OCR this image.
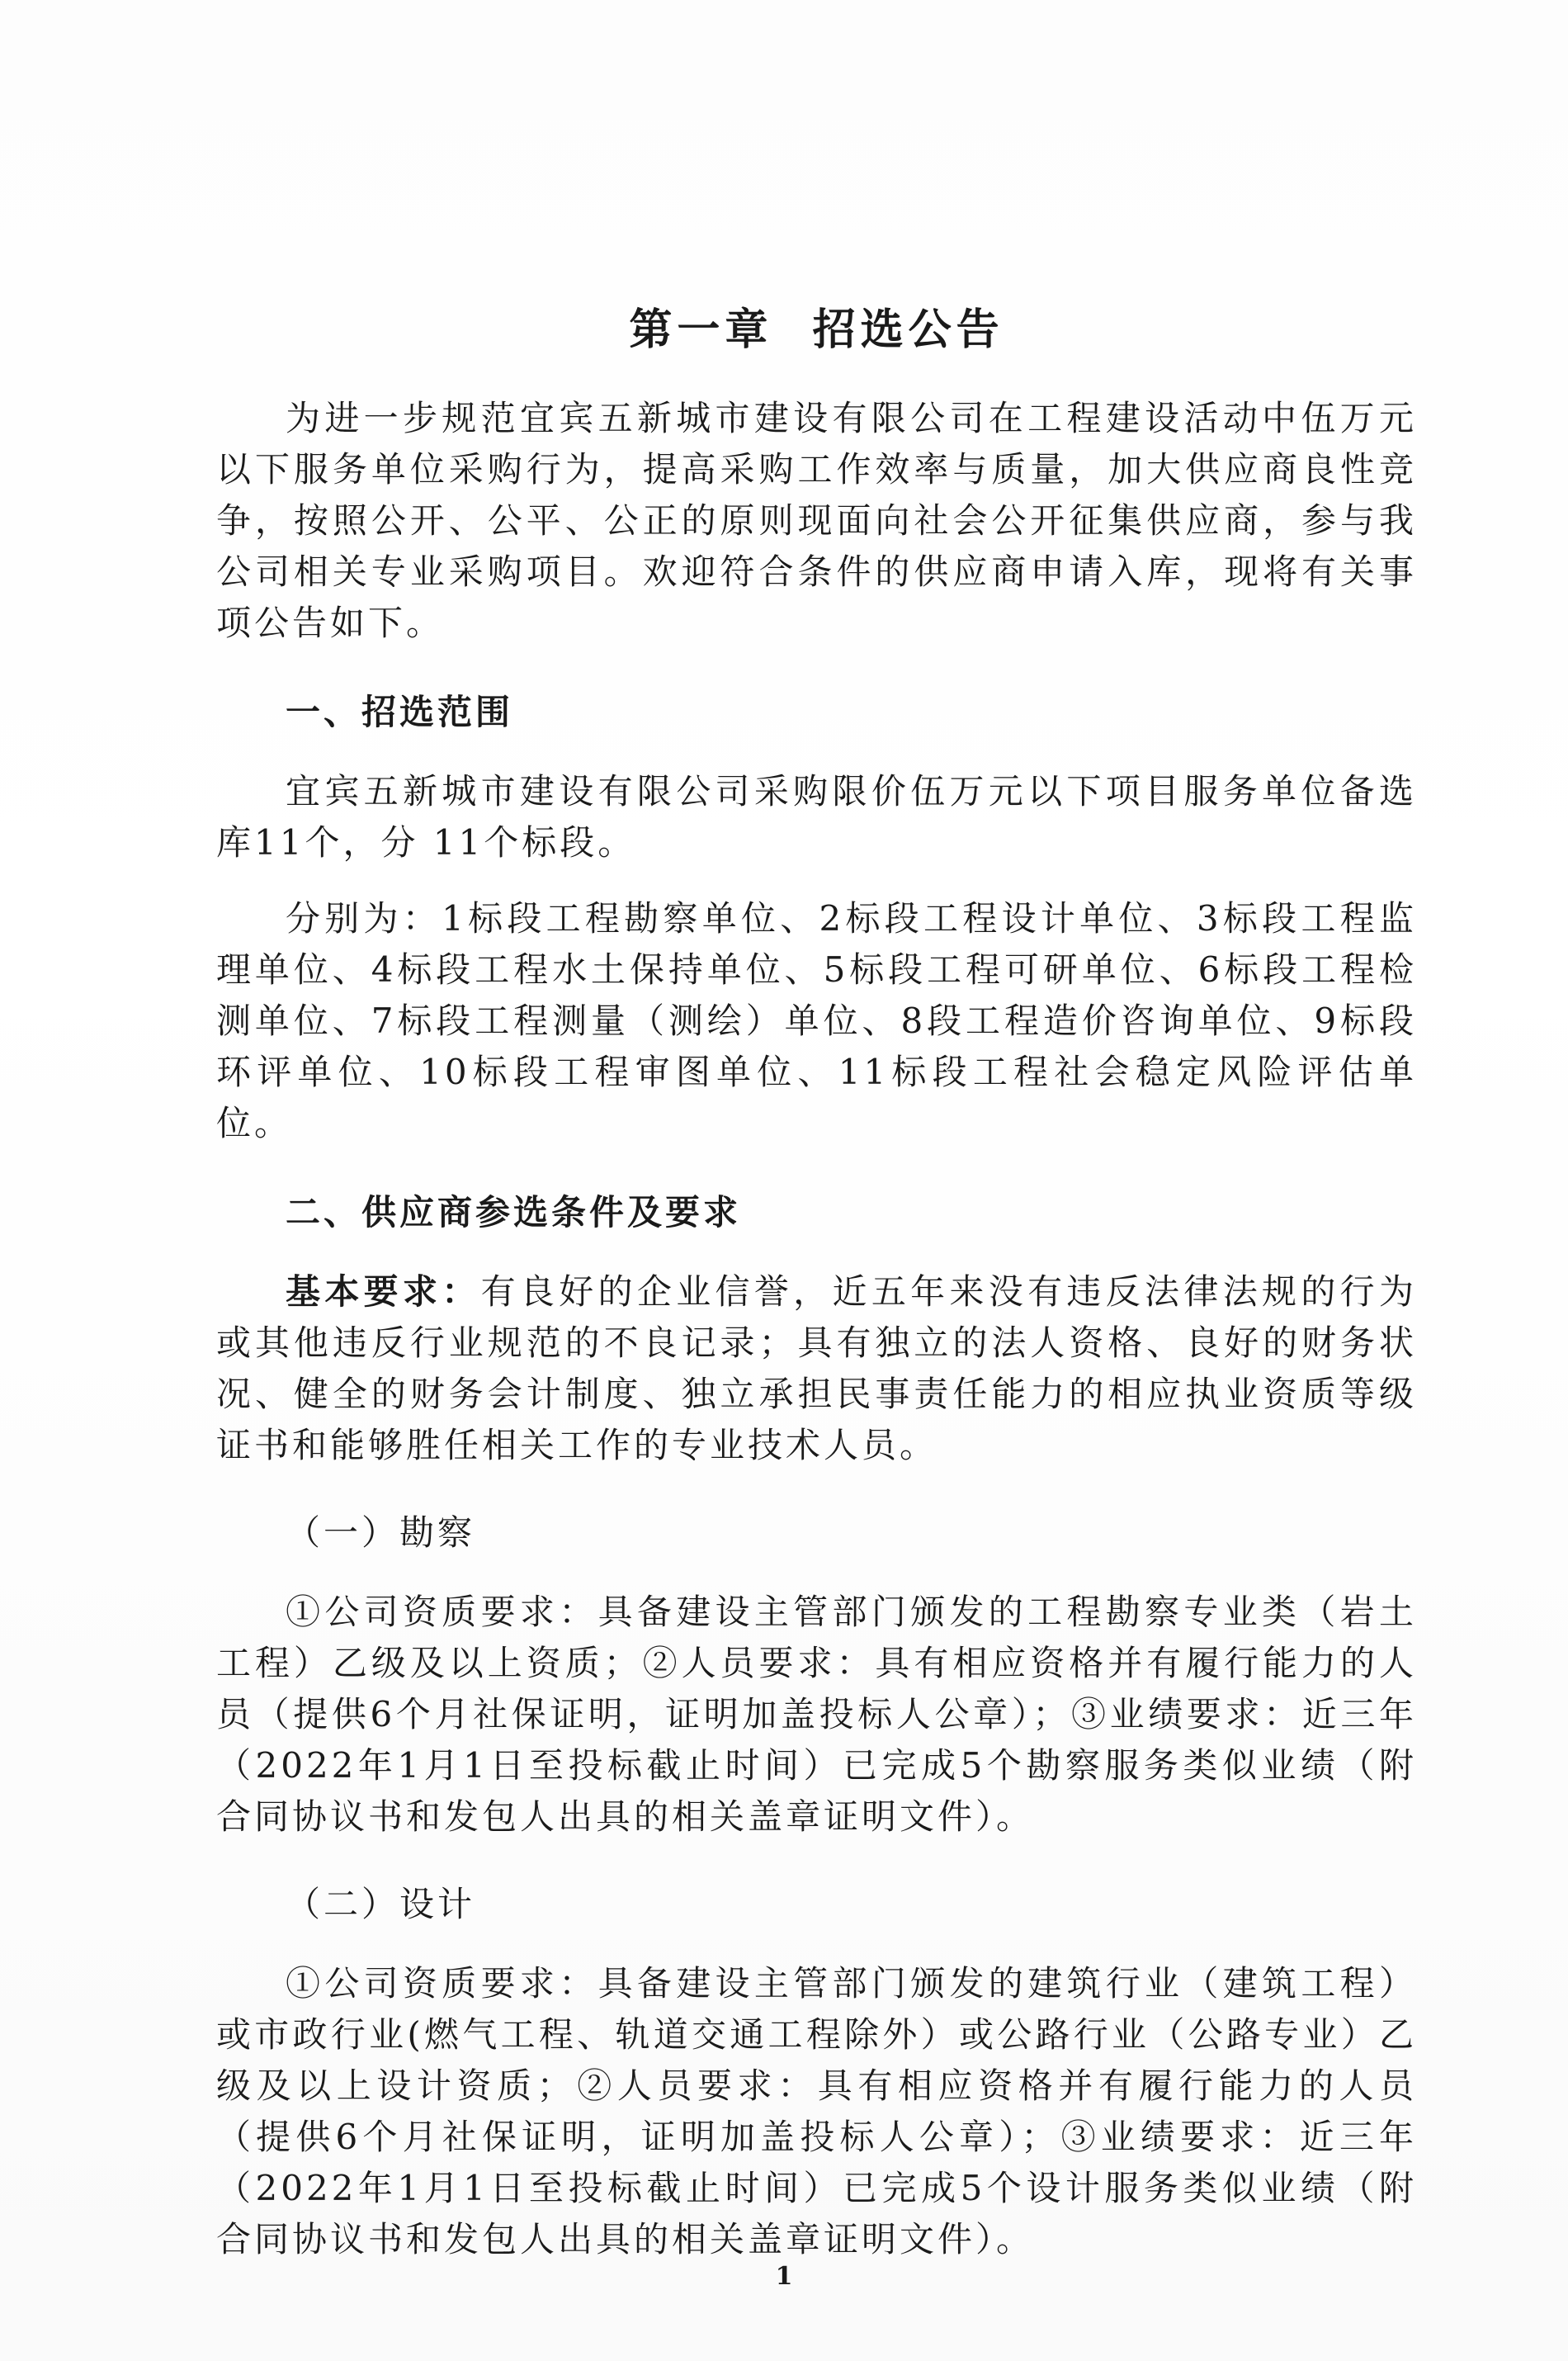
第一章  招选公告

为进一步规范宜宾五新城市建设有限公司在工程建设活动中伍万元以下服务单位采购行为，提高采购工作效率与质量，加大供应商良性竞争，按照公开、公平、公正的原则现面向社会公开征集供应商，参与我公司相关专业采购项目。欢迎符合条件的供应商申请入库，现将有关事项公告如下。

一、招选范围

宜宾五新城市建设有限公司采购限价伍万元以下项目服务单位备选库11个，分 11个标段。

分别为：1标段工程勘察单位、2标段工程设计单位、3标段工程监理单位、4标段工程水土保持单位、5标段工程可研单位、6标段工程检测单位、7标段工程测量（测绘）单位、8段工程造价咨询单位、9标段环评单位、10标段工程审图单位、11标段工程社会稳定风险评估单位。

二、供应商参选条件及要求

基本要求：有良好的企业信誉，近五年来没有违反法律法规的行为或其他违反行业规范的不良记录；具有独立的法人资格、良好的财务状况、健全的财务会计制度、独立承担民事责任能力的相应执业资质等级证书和能够胜任相关工作的专业技术人员。

（一）勘察

①公司资质要求：具备建设主管部门颁发的工程勘察专业类（岩土工程）乙级及以上资质；②人员要求：具有相应资格并有履行能力的人员（提供6个月社保证明，证明加盖投标人公章）；③业绩要求：近三年（2022年1月1日至投标截止时间）已完成5个勘察服务类似业绩（附合同协议书和发包人出具的相关盖章证明文件）。

（二）设计

①公司资质要求：具备建设主管部门颁发的建筑行业（建筑工程）或市政行业(燃气工程、轨道交通工程除外）或公路行业（公路专业）乙级及以上设计资质；②人员要求：具有相应资格并有履行能力的人员（提供6个月社保证明，证明加盖投标人公章）；③业绩要求：近三年（2022年1月1日至投标截止时间）已完成5个设计服务类似业绩（附合同协议书和发包人出具的相关盖章证明文件）。

1
